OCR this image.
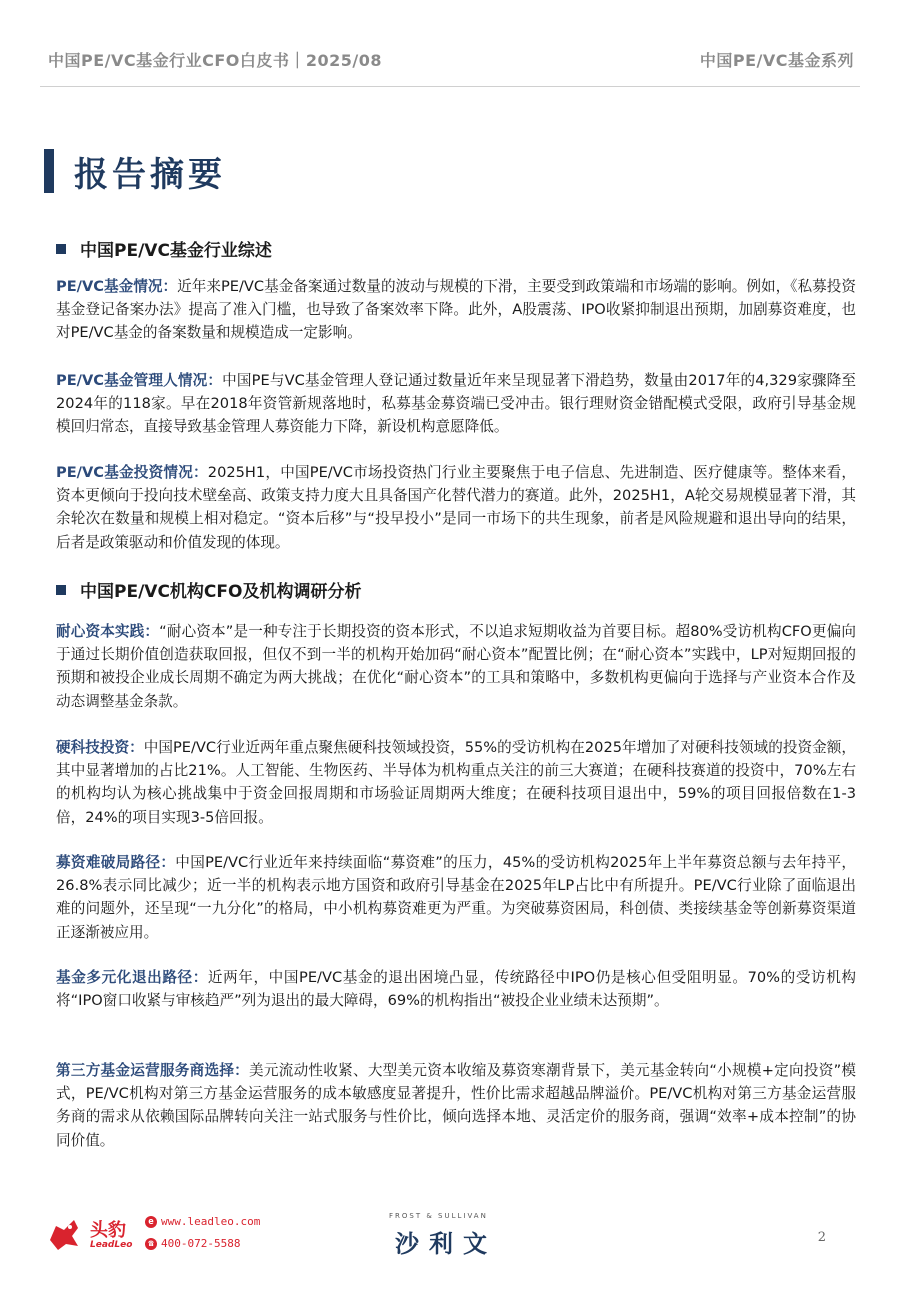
中国PE/VC基金行业CFO白皮书｜2025/08	中国PE/VC基金系列
报告摘要
中国PE/VC基金行业综述
PE/VC基金情况：近年来PE/VC基金备案通过数量的波动与规模的下滑，主要受到政策端和市场端的影响。例如，《私募投资基金登记备案办法》提高了准入门槛，也导致了备案效率下降。此外，A股震荡、IPO收紧抑制退出预期，加剧募资难度，也对PE/VC基金的备案数量和规模造成一定影响。
PE/VC基金管理人情况：中国PE与VC基金管理人登记通过数量近年来呈现显著下滑趋势，数量由2017年的4,329家骤降至2024年的118家。早在2018年资管新规落地时，私募基金募资端已受冲击。银行理财资金错配模式受限，政府引导基金规模回归常态，直接导致基金管理人募资能力下降，新设机构意愿降低。
PE/VC基金投资情况：2025H1，中国PE/VC市场投资热门行业主要聚焦于电子信息、先进制造、医疗健康等。整体来看，资本更倾向于投向技术壁垒高、政策支持力度大且具备国产化替代潜力的赛道。此外，2025H1，A轮交易规模显著下滑，其余轮次在数量和规模上相对稳定。“资本后移”与“投早投小”是同一市场下的共生现象，前者是风险规避和退出导向的结果，后者是政策驱动和价值发现的体现。
中国PE/VC机构CFO及机构调研分析
耐心资本实践：“耐心资本”是一种专注于长期投资的资本形式，不以追求短期收益为首要目标。超80%受访机构CFO更偏向于通过长期价值创造获取回报，但仅不到一半的机构开始加码“耐心资本”配置比例；在“耐心资本”实践中，LP对短期回报的预期和被投企业成长周期不确定为两大挑战；在优化“耐心资本”的工具和策略中，多数机构更偏向于选择与产业资本合作及动态调整基金条款。
硬科技投资：中国PE/VC行业近两年重点聚焦硬科技领域投资，55%的受访机构在2025年增加了对硬科技领域的投资金额，其中显著增加的占比21%。人工智能、生物医药、半导体为机构重点关注的前三大赛道；在硬科技赛道的投资中，70%左右的机构均认为核心挑战集中于资金回报周期和市场验证周期两大维度；在硬科技项目退出中，59%的项目回报倍数在1-3倍，24%的项目实现3-5倍回报。
募资难破局路径：中国PE/VC行业近年来持续面临“募资难”的压力，45%的受访机构2025年上半年募资总额与去年持平，26.8%表示同比减少；近一半的机构表示地方国资和政府引导基金在2025年LP占比中有所提升。PE/VC行业除了面临退出难的问题外，还呈现“一九分化”的格局，中小机构募资难更为严重。为突破募资困局，科创债、类接续基金等创新募资渠道正逐渐被应用。
基金多元化退出路径：近两年，中国PE/VC基金的退出困境凸显，传统路径中IPO仍是核心但受阻明显。70%的受访机构将“IPO窗口收紧与审核趋严”列为退出的最大障碍，69%的机构指出“被投企业业绩未达预期”。
第三方基金运营服务商选择：美元流动性收紧、大型美元资本收缩及募资寒潮背景下，美元基金转向“小规模+定向投资”模式，PE/VC机构对第三方基金运营服务的成本敏感度显著提升，性价比需求超越品牌溢价。PE/VC机构对第三方基金运营服务商的需求从依赖国际品牌转向关注一站式服务与性价比，倾向选择本地、灵活定价的服务商，强调“效率+成本控制”的协同价值。
头豹
LeadLeo
e www.leadleo.com
☎ 400-072-5588
FROST & SULLIVAN
沙利文	2
